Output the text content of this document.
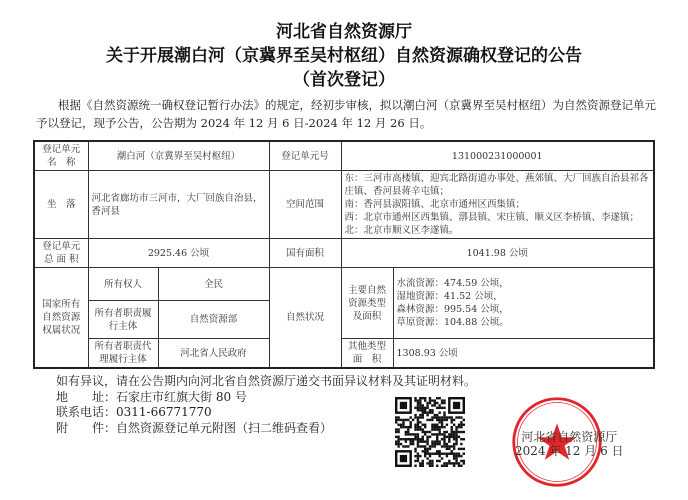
河北省自然资源厅
关于开展潮白河（京冀界至吴村枢纽）自然资源确权登记的公告
（首次登记）
根据《自然资源统一确权登记暂行办法》的规定，经初步审核，拟以潮白河（京冀界至吴村枢纽）为自然资源登记单元予以登记，现予公告，公告期为 2024 年 12 月 6 日-2024 年 12 月 26 日。
登记单元名　称	潮白河（京冀界至吴村枢纽）		登记单元号	131000231000001	
坐　落	河北省廊坊市三河市，大厂回族自治县，香河县		空间范围	东：三河市高楼镇、迎宾北路街道办事处、燕郊镇、大厂回族自治县祁各庄镇、香河县蒋辛屯镇；
南：香河县淑阳镇、北京市通州区西集镇；
西：北京市通州区西集镇、漷县镇、宋庄镇、顺义区李桥镇、李遂镇；
北：北京市顺义区李遂镇。	

登记单元总 面 积	2925.46 公顷		国有面积	1041.98 公顷	
国家所有自然资源权属状况	所有权人	全民	自然状况	主要自然资源类型及面积	水流资源：474.59 公顷，
湿地资源：41.52 公顷，
森林资源：995.54 公顷，
草原资源：104.88 公顷。

	所有者职责履行主体	自然资源部			
	所有者职责代理履行主体	河北省人民政府		其他类型面　积	1308.93 公顷
如有异议，请在公告期内向河北省自然资源厅递交书面异议材料及其证明材料。
地　　址：石家庄市红旗大街 80 号
联系电话：0311-66771770
附　　件：自然资源登记单元附图（扫二维码查看）
河北省自然资源厅
2024 年 12 月 6 日
